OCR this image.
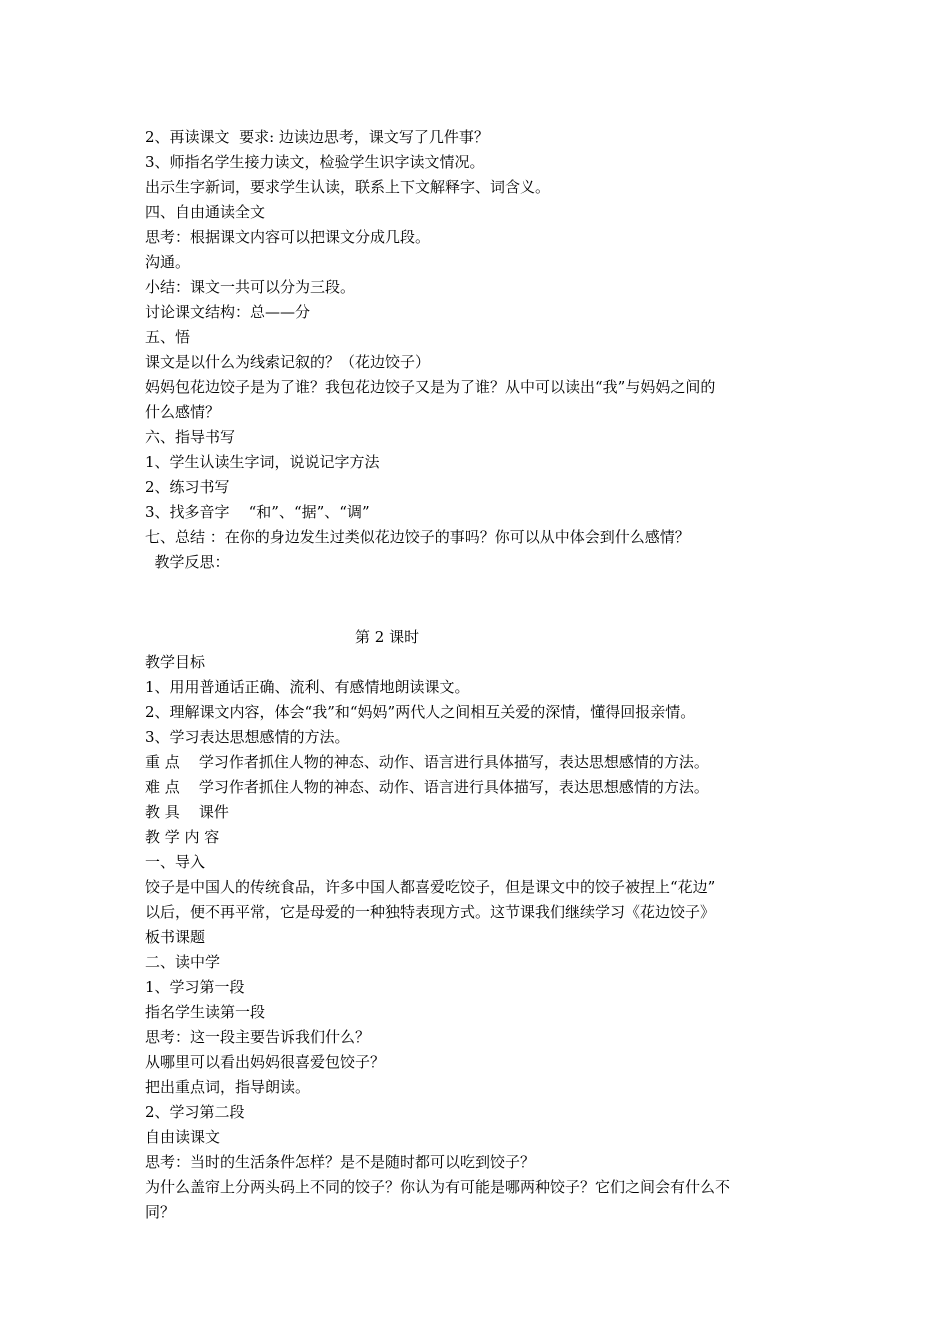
2、再读课文  要求: 边读边思考，课文写了几件事？
3、师指名学生接力读文，检验学生识字读文情况。
出示生字新词，要求学生认读，联系上下文解释字、词含义。
四、自由通读全文
思考：根据课文内容可以把课文分成几段。
沟通。
小结：课文一共可以分为三段。
讨论课文结构：总——分
五、悟
课文是以什么为线索记叙的？（花边饺子）
妈妈包花边饺子是为了谁？我包花边饺子又是为了谁？从中可以读出“我”与妈妈之间的
什么感情？
六、指导书写
1、学生认读生字词，说说记字方法
2、练习书写
3、找多音字    “和”、“据”、“调”
七、总结 ：在你的身边发生过类似花边饺子的事吗？你可以从中体会到什么感情？
教学反思：
第 2 课时
教学目标
1、用用普通话正确、流利、有感情地朗读课文。
2、理解课文内容，体会“我”和“妈妈”两代人之间相互关爱的深情，懂得回报亲情。
3、学习表达思想感情的方法。
重 点    学习作者抓住人物的神态、动作、语言进行具体描写，表达思想感情的方法。
难 点    学习作者抓住人物的神态、动作、语言进行具体描写，表达思想感情的方法。
教 具    课件
教 学 内 容
一、导入
饺子是中国人的传统食品，许多中国人都喜爱吃饺子，但是课文中的饺子被捏上“花边”
以后，便不再平常，它是母爱的一种独特表现方式。这节课我们继续学习《花边饺子》
板书课题
二、读中学
1、学习第一段
指名学生读第一段
思考：这一段主要告诉我们什么？
从哪里可以看出妈妈很喜爱包饺子？
把出重点词，指导朗读。
2、学习第二段
自由读课文
思考：当时的生活条件怎样？是不是随时都可以吃到饺子？
为什么盖帘上分两头码上不同的饺子？你认为有可能是哪两种饺子？它们之间会有什么不
同？
